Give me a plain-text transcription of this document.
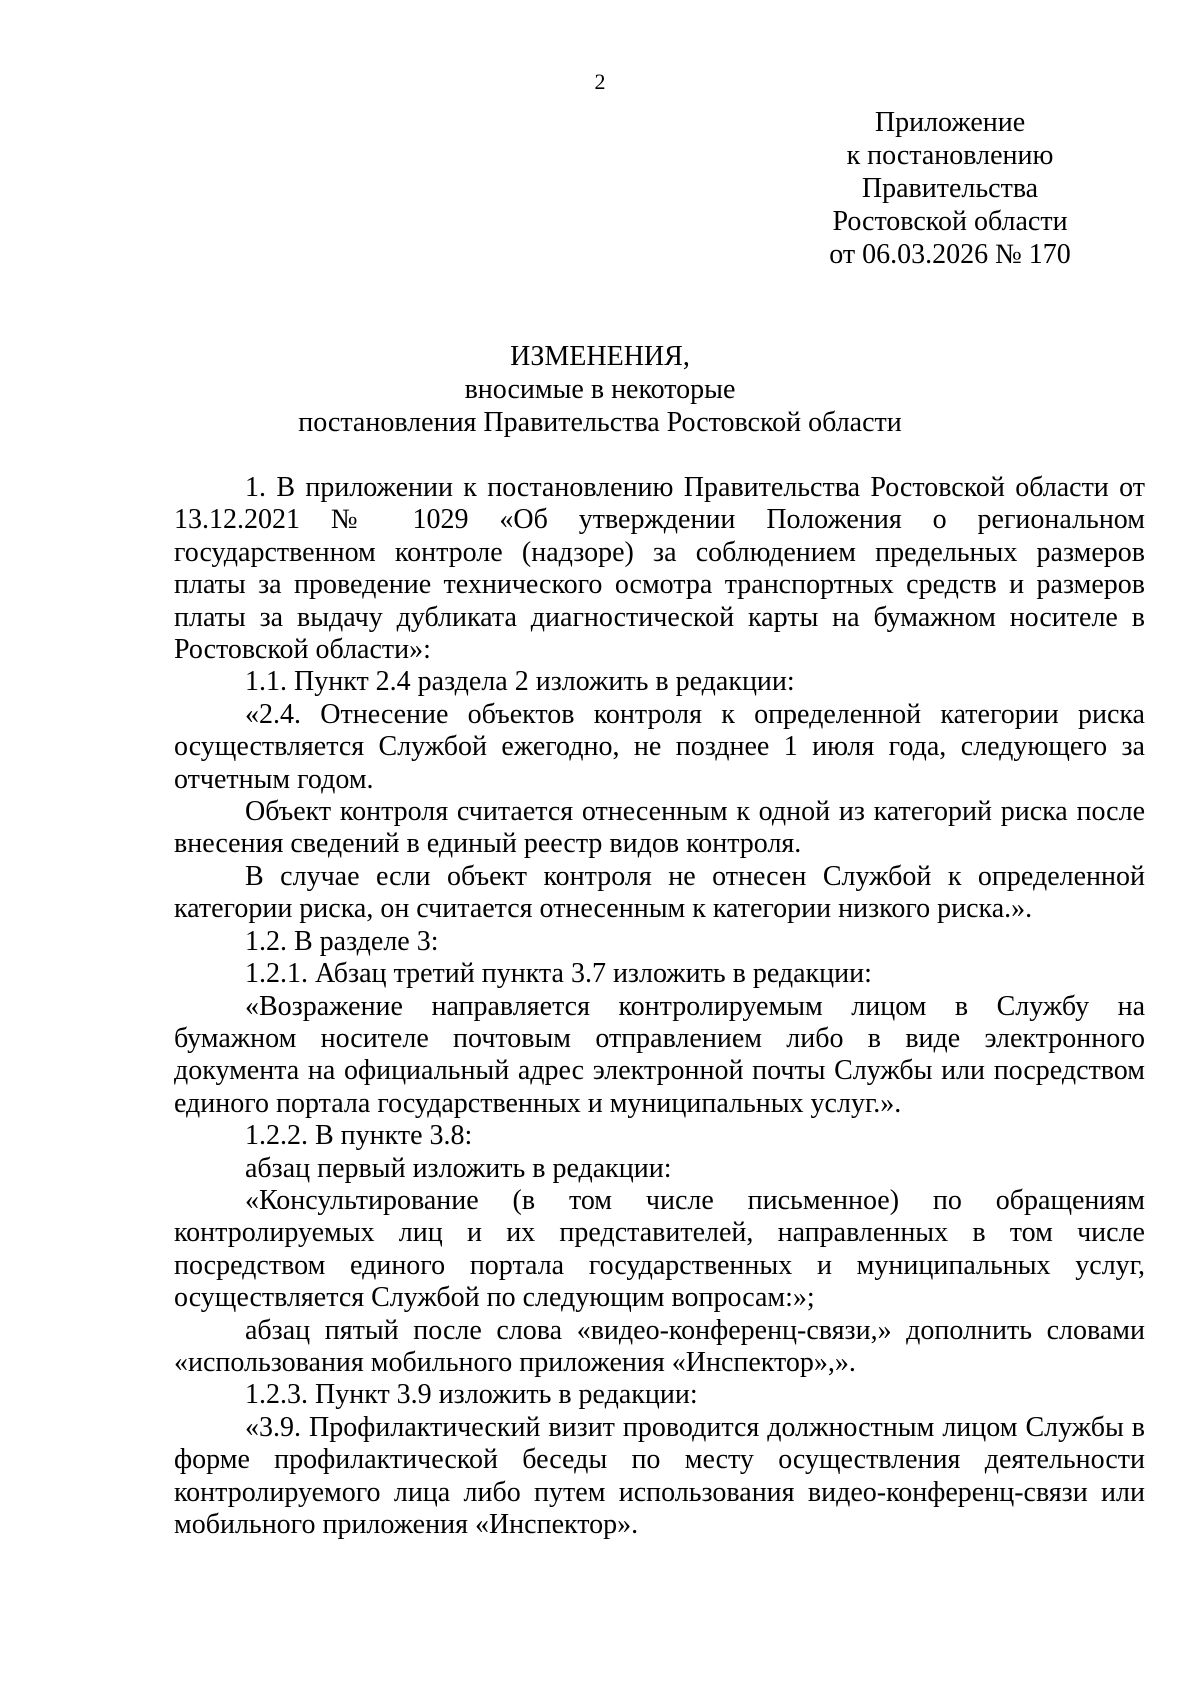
2
Приложение
к постановлению
Правительства
Ростовской области
от 06.03.2026 № 170
ИЗМЕНЕНИЯ,
вносимые в некоторые
постановления Правительства Ростовской области

1. В приложении к постановлению Правительства Ростовской области от 13.12.2021 № 1029 «Об утверждении Положения о региональном государственном контроле (надзоре) за соблюдением предельных размеров платы за проведение технического осмотра транспортных средств и размеров платы за выдачу дубликата диагностической карты на бумажном носителе в Ростовской области»:

1.1. Пункт 2.4 раздела 2 изложить в редакции:

«2.4. Отнесение объектов контроля к определенной категории риска осуществляется Службой ежегодно, не позднее 1 июля года, следующего за отчетным годом.

Объект контроля считается отнесенным к одной из категорий риска после внесения сведений в единый реестр видов контроля.

В случае если объект контроля не отнесен Службой к определенной категории риска, он считается отнесенным к категории низкого риска.».

1.2. В разделе 3:

1.2.1. Абзац третий пункта 3.7 изложить в редакции:

«Возражение направляется контролируемым лицом в Службу на бумажном носителе почтовым отправлением либо в виде электронного документа на официальный адрес электронной почты Службы или посредством единого портала государственных и муниципальных услуг.».

1.2.2. В пункте 3.8:

абзац первый изложить в редакции:

«Консультирование (в том числе письменное) по обращениям контролируемых лиц и их представителей, направленных в том числе посредством единого портала государственных и муниципальных услуг, осуществляется Службой по следующим вопросам:»;

абзац пятый после слова «видео-конференц-связи,» дополнить словами «использования мобильного приложения «Инспектор»,».

1.2.3. Пункт 3.9 изложить в редакции:

«3.9. Профилактический визит проводится должностным лицом Службы в форме профилактической беседы по месту осуществления деятельности контролируемого лица либо путем использования видео-конференц-связи или мобильного приложения «Инспектор».
